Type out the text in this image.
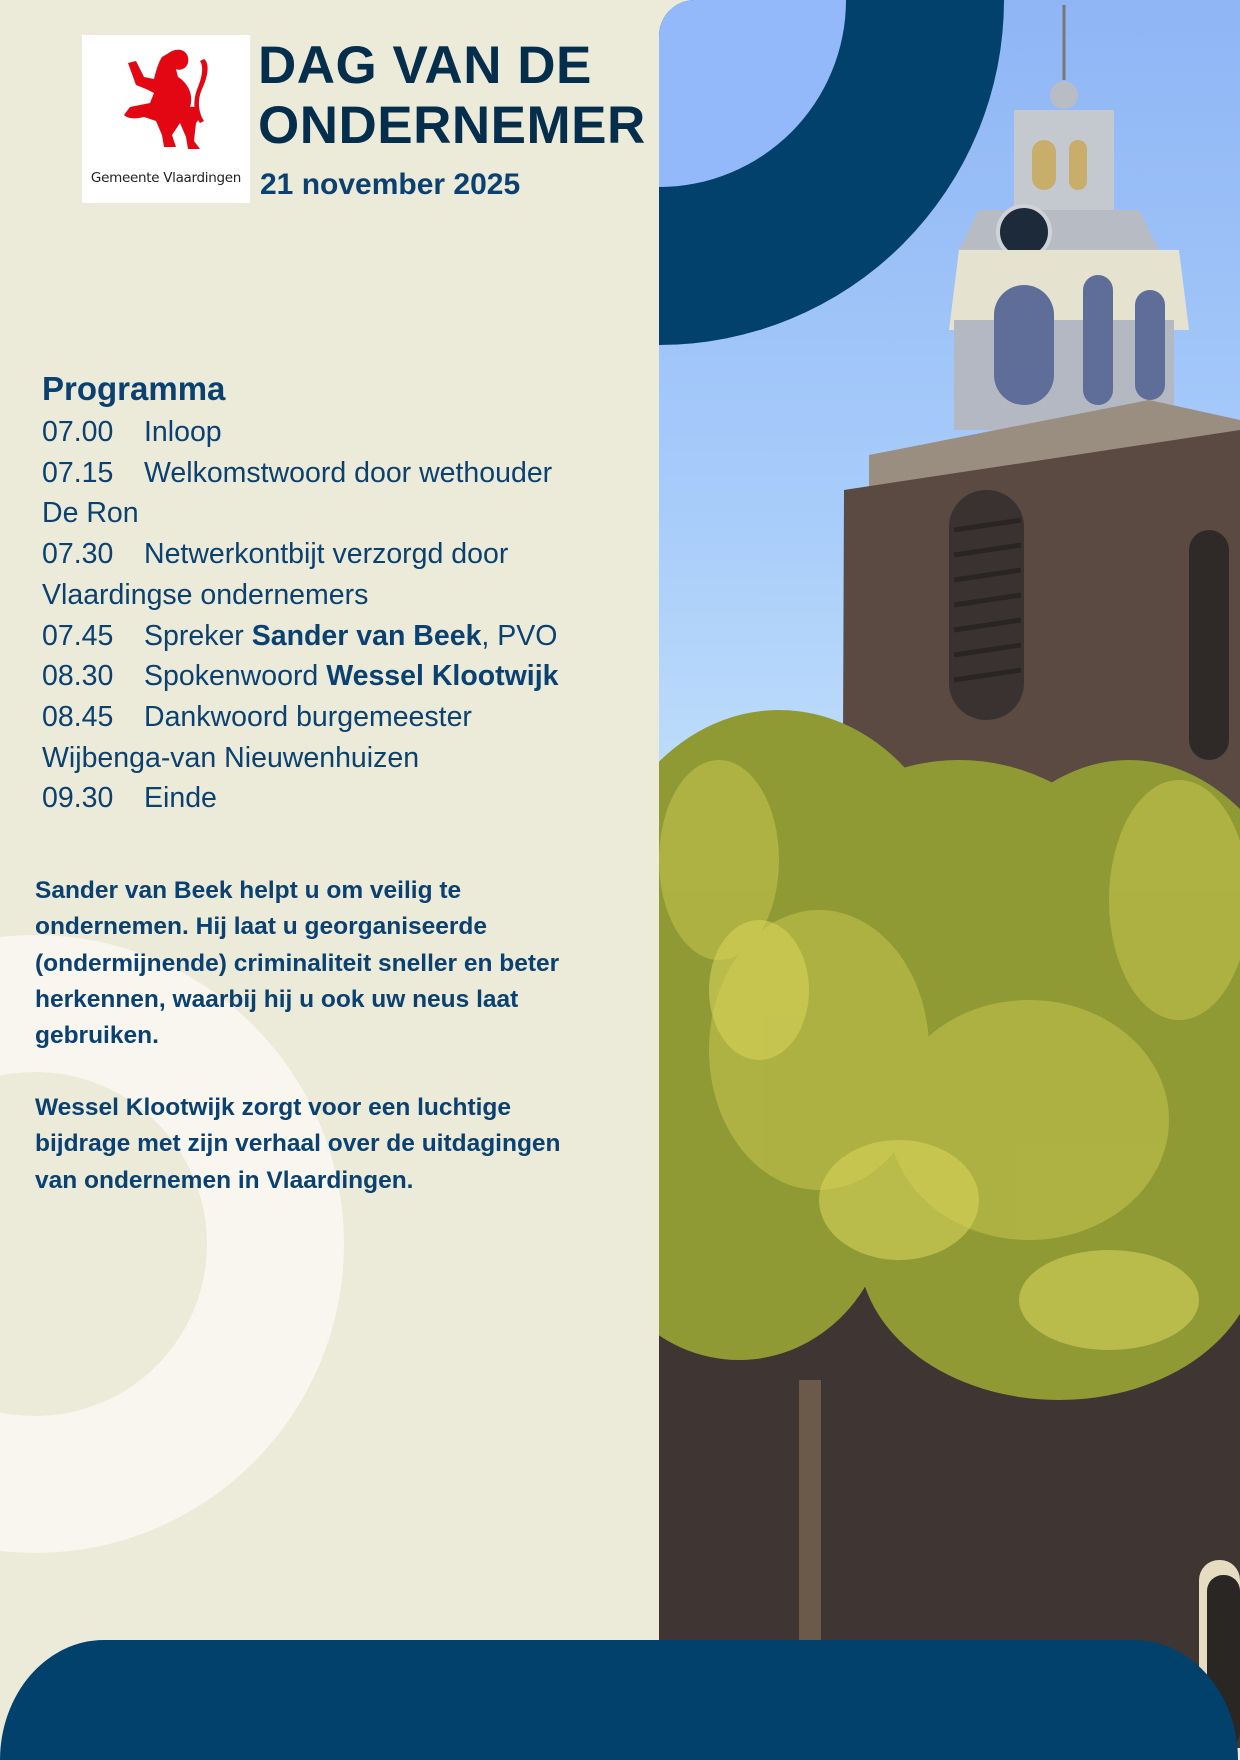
Gemeente Vlaardingen
DAG VAN DE
ONDERNEMER
21 november 2025
Programma
07.00 Inloop
07.15 Welkomstwoord door wethouder
De Ron
07.30 Netwerkontbijt verzorgd door
Vlaardingse ondernemers
07.45 Spreker Sander van Beek, PVO
08.30 Spokenwoord Wessel Klootwijk
08.45 Dankwoord burgemeester
Wijbenga-van Nieuwenhuizen
09.30 Einde
Sander van Beek helpt u om veilig te
ondernemen. Hij laat u georganiseerde
(ondermijnende) criminaliteit sneller en beter
herkennen, waarbij hij u ook uw neus laat
gebruiken.
Wessel Klootwijk zorgt voor een luchtige
bijdrage met zijn verhaal over de uitdagingen
van ondernemen in Vlaardingen.
